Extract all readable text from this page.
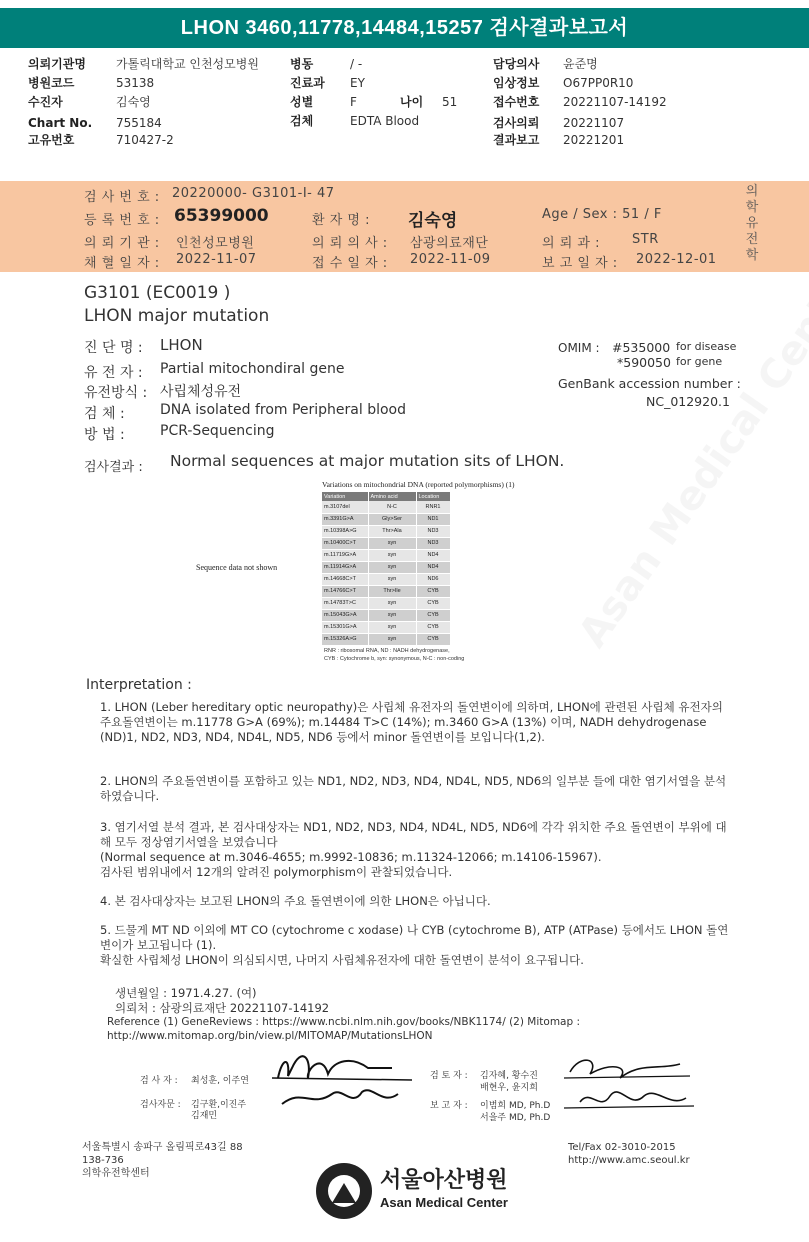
LHON 3460,11778,14484,15257 검사결과보고서
의뢰기관명	가톨릭대학교 인천성모병원
병원코드	53138
수진자	김숙영
Chart No. 755184
고유번호	710427-2
병동	/ -
진료과 EY
성별	F	나이 51
검체	EDTA Blood
담당의사 윤준명
임상정보 O67PP0R10
접수번호 20221107-14192
검사의뢰 20221107
결과보고 20221201
검 사 번 호 : 20220000- G3101-I- 47
등 록 번 호 : 65399000	환 자 명 : 김숙영	Age / Sex : 51 / F
의 뢰 기 관 : 인천성모병원	의 뢰 의 사 : 삼광의료재단	의 뢰 과 : STR
채 혈 일 자 : 2022-11-07	접 수 일 자 : 2022-11-09	보 고 일 자 : 2022-12-01
의
학
유
전
학
G3101 (EC0019 )
LHON major mutation
진 단 명 : LHON
유 전 자 : Partial mitochondiral gene
유전방식 : 사립체성유전
검 체 :	DNA isolated from Peripheral blood
방 법 :	PCR-Sequencing
OMIM : #535000 for disease
*590050 for gene
GenBank accession number :
NC_012920.1
검사결과 : Normal sequences at major mutation sits of LHON.
Variations on mitochondrial DNA (reported polymorphisms) (1)
Sequence data not shown
Variation	Amino acid	Location
m.3107del	N-C	RNR1
m.3391G>A	Gly>Ser	ND1
m.10398A>G	Thr>Ala	ND3
m.10400C>T	syn	ND3
m.11719G>A	syn	ND4
m.11914G>A	syn	ND4
m.14668C>T	syn	ND6
m.14766C>T	Thr>Ile	CYB
m.14783T>C	syn	CYB
m.15043G>A	syn	CYB
m.15301G>A	syn	CYB
m.15326A>G	syn	CYB
RNR : ribosomal RNA, ND : NADH dehydrogenase,
CYB : Cytochrome b, syn: synonymous, N-C : non-coding
Interpretation :
1. LHON (Leber hereditary optic neuropathy)은 사립체 유전자의 돌연변이에 의하며, LHON에 관련된 사립체 유전자의 주요돌연변이는 m.11778 G>A (69%); m.14484 T>C (14%); m.3460 G>A (13%) 이며, NADH dehydrogenase (ND)1, ND2, ND3, ND4, ND4L, ND5, ND6 등에서 minor 돌연변이를 보입니다(1,2).
2. LHON의 주요돌연변이를 포함하고 있는 ND1, ND2, ND3, ND4, ND4L, ND5, ND6의 일부분 들에 대한 염기서열을 분석하였습니다.
3. 염기서열 분석 결과, 본 검사대상자는 ND1, ND2, ND3, ND4, ND4L, ND5, ND6에 각각 위치한 주요 돌연변이 부위에 대해 모두 정상염기서열을 보였습니다
(Normal sequence at m.3046-4655; m.9992-10836; m.11324-12066; m.14106-15967).
검사된 범위내에서 12개의 알려진 polymorphism이 관찰되었습니다.
4. 본 검사대상자는 보고된 LHON의 주요 돌연변이에 의한 LHON은 아닙니다.
5. 드물게 MT ND 이외에 MT CO (cytochrome c xodase) 나 CYB (cytochrome B), ATP (ATPase) 등에서도 LHON 돌연변이가 보고됩니다 (1).
확실한 사립체성 LHON이 의심되시면, 나머지 사립체유전자에 대한 돌연변이 분석이 요구됩니다.
생년월일 : 1971.4.27. (여)
의뢰처 : 삼광의료재단 20221107-14192
Reference (1) GeneReviews : https://www.ncbi.nlm.nih.gov/books/NBK1174/ (2) Mitomap :
http://www.mitomap.org/bin/view.pl/MITOMAP/MutationsLHON
검 사 자 : 최성훈, 이주연
검사자문 : 김구환,이진주
김재민
검 토 자 : 김자혜, 황수진
배현우, 윤지희
보 고 자 : 이범희 MD, Ph.D
서을주 MD, Ph.D
서울특별시 송파구 올림픽로43길 88
138-736
의학유전학센터
Tel/Fax 02-3010-2015
http://www.amc.seoul.kr
서울아산병원
Asan Medical Center
